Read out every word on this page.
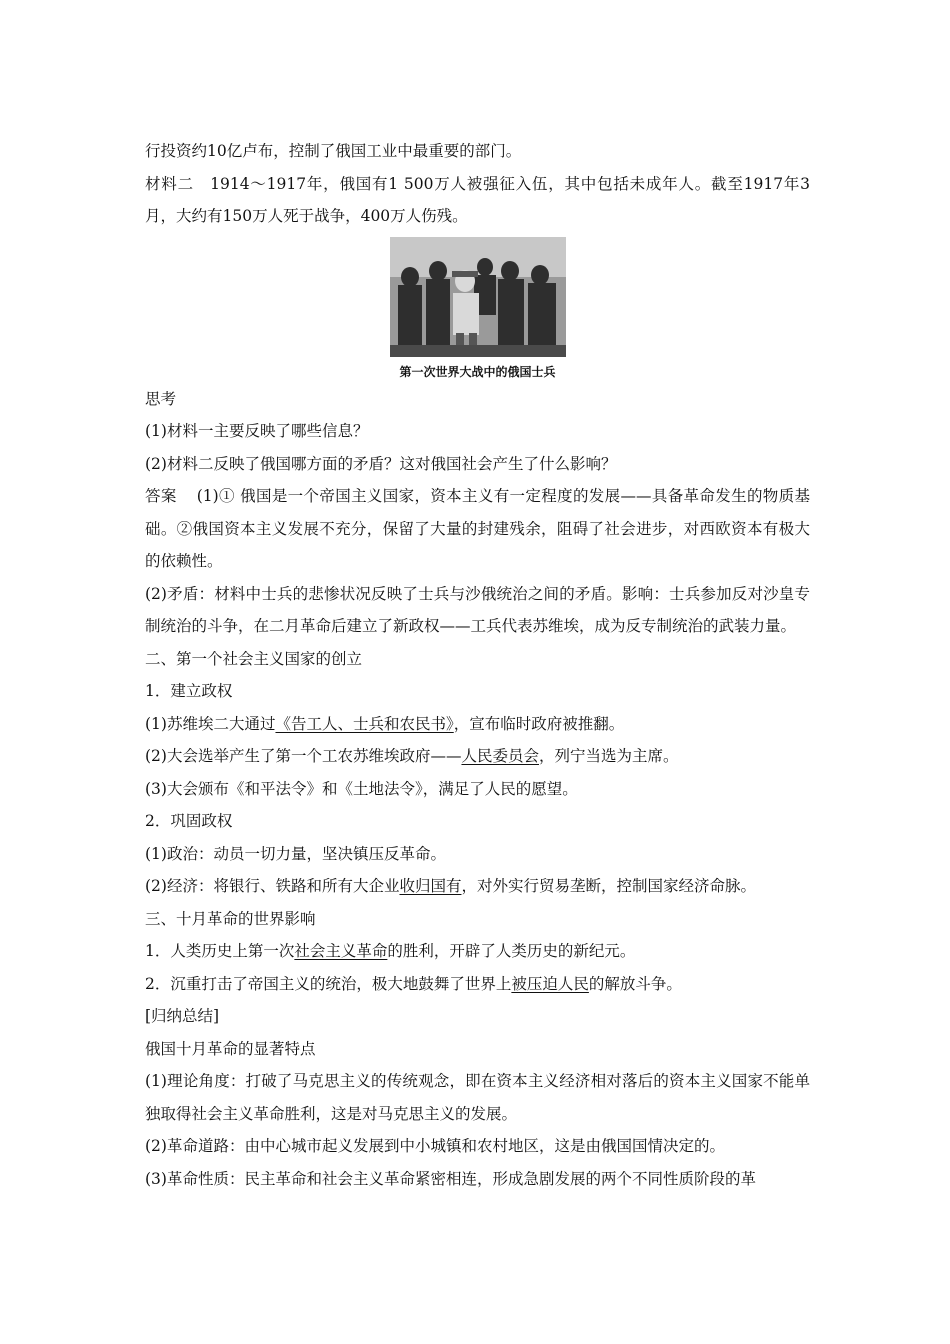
行投资约10亿卢布，控制了俄国工业中最重要的部门。

材料二　1914～1917年，俄国有1 500万人被强征入伍，其中包括未成年人。截至1917年3月，大约有150万人死于战争，400万人伤残。

第一次世界大战中的俄国士兵

思考

(1)材料一主要反映了哪些信息？

(2)材料二反映了俄国哪方面的矛盾？这对俄国社会产生了什么影响？

答案 (1)① 俄国是一个帝国主义国家，资本主义有一定程度的发展——具备革命发生的物质基础。②俄国资本主义发展不充分，保留了大量的封建残余，阻碍了社会进步，对西欧资本有极大的依赖性。

(2)矛盾：材料中士兵的悲惨状况反映了士兵与沙俄统治之间的矛盾。影响：士兵参加反对沙皇专制统治的斗争，在二月革命后建立了新政权——工兵代表苏维埃，成为反专制统治的武装力量。

二、第一个社会主义国家的创立

1．建立政权

(1)苏维埃二大通过《告工人、士兵和农民书》，宣布临时政府被推翻。

(2)大会选举产生了第一个工农苏维埃政府——人民委员会，列宁当选为主席。

(3)大会颁布《和平法令》和《土地法令》，满足了人民的愿望。

2．巩固政权

(1)政治：动员一切力量，坚决镇压反革命。

(2)经济：将银行、铁路和所有大企业收归国有，对外实行贸易垄断，控制国家经济命脉。

三、十月革命的世界影响

1．人类历史上第一次社会主义革命的胜利，开辟了人类历史的新纪元。

2．沉重打击了帝国主义的统治，极大地鼓舞了世界上被压迫人民的解放斗争。

[归纳总结]

俄国十月革命的显著特点

(1)理论角度：打破了马克思主义的传统观念，即在资本主义经济相对落后的资本主义国家不能单独取得社会主义革命胜利，这是对马克思主义的发展。

(2)革命道路：由中心城市起义发展到中小城镇和农村地区，这是由俄国国情决定的。

(3)革命性质：民主革命和社会主义革命紧密相连，形成急剧发展的两个不同性质阶段的革
